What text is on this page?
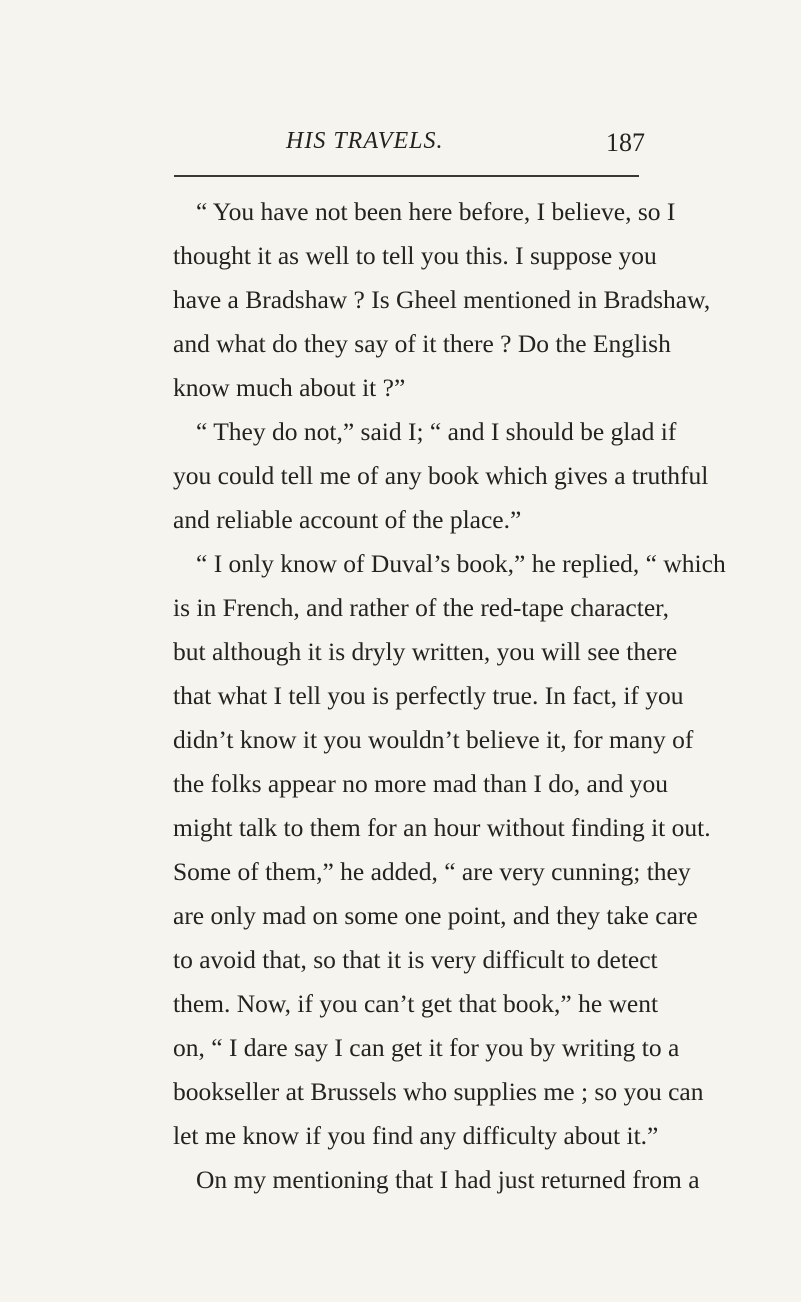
HIS TRAVELS.	187
“ You have not been here before, I believe, so I
thought it as well to tell you this. I suppose you
have a Bradshaw ? Is Gheel mentioned in Bradshaw,
and what do they say of it there ? Do the English
know much about it ?”
“ They do not,” said I; “ and I should be glad if
you could tell me of any book which gives a truthful
and reliable account of the place.”
“ I only know of Duval’s book,” he replied, “ which
is in French, and rather of the red-tape character,
but although it is dryly written, you will see there
that what I tell you is perfectly true. In fact, if you
didn’t know it you wouldn’t believe it, for many of
the folks appear no more mad than I do, and you
might talk to them for an hour without finding it out.
Some of them,” he added, “ are very cunning; they
are only mad on some one point, and they take care
to avoid that, so that it is very difficult to detect
them. Now, if you can’t get that book,” he went
on, “ I dare say I can get it for you by writing to a
bookseller at Brussels who supplies me ; so you can
let me know if you find any difficulty about it.”
On my mentioning that I had just returned from a
